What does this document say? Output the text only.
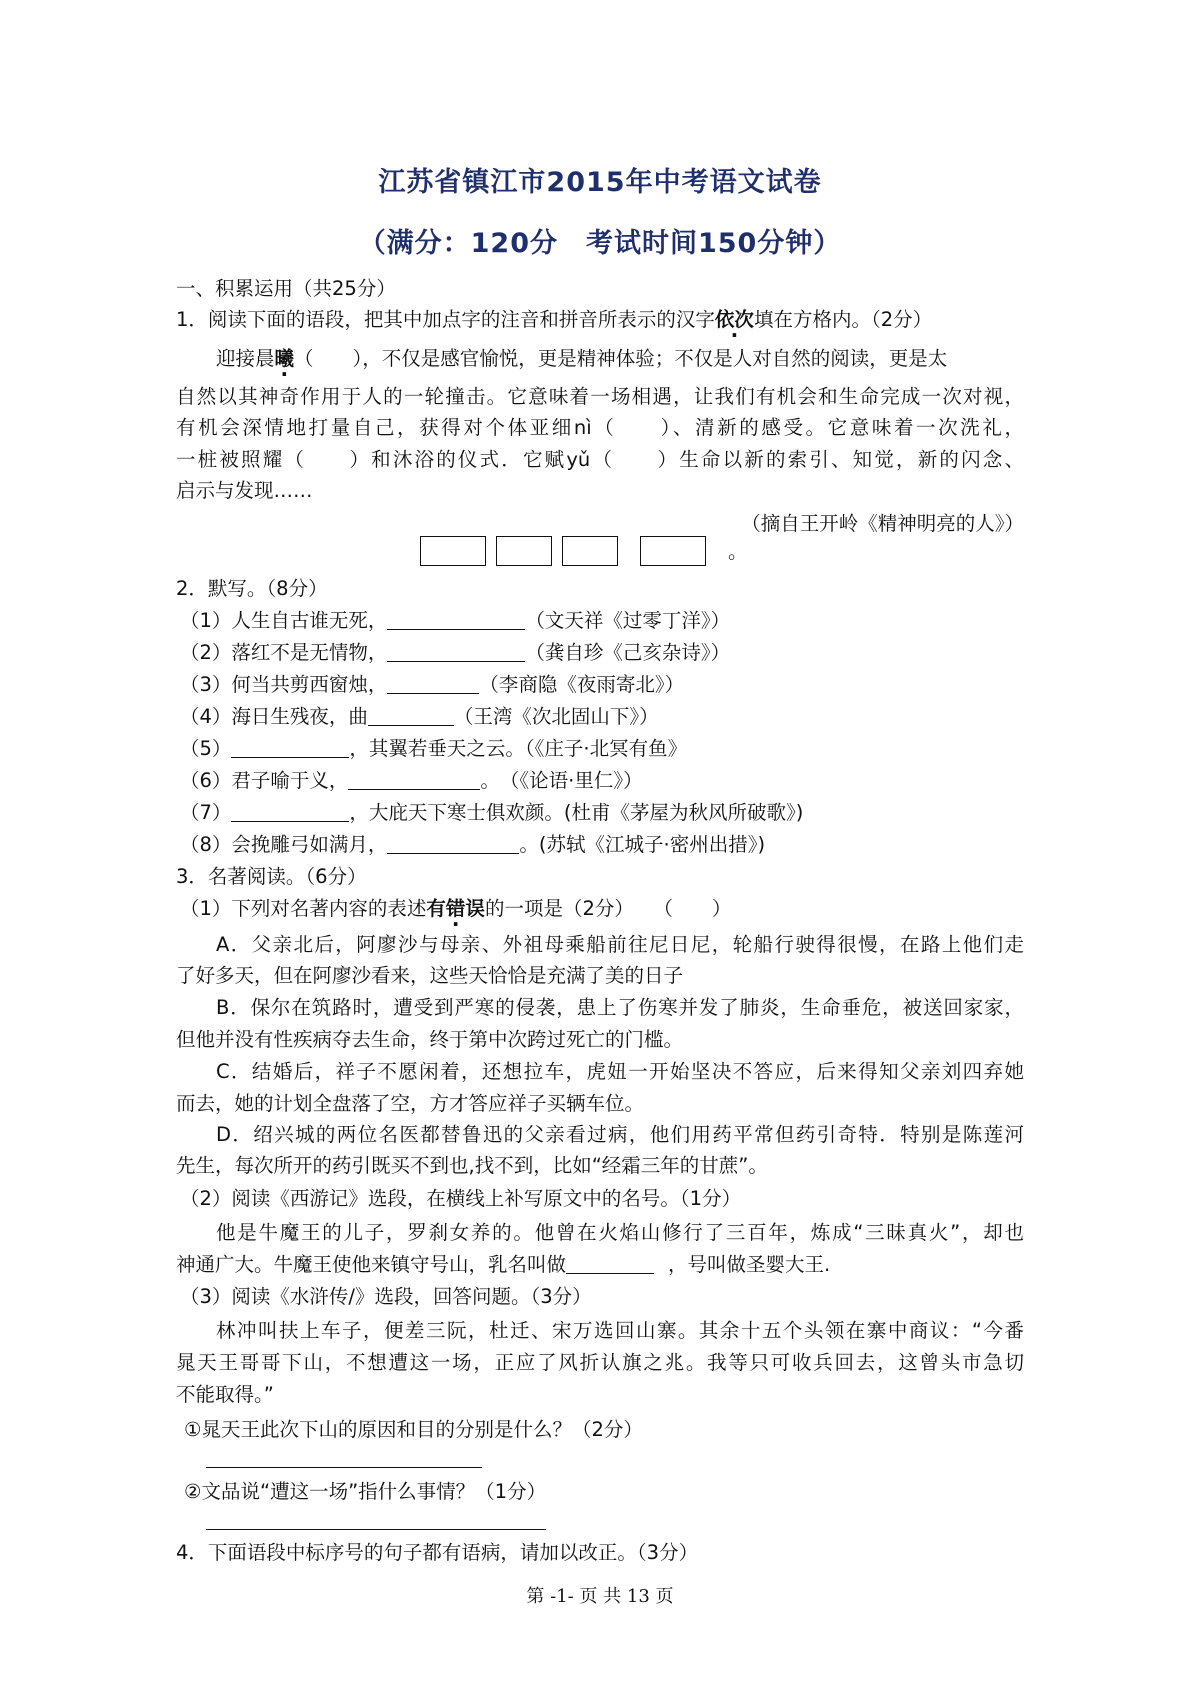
江苏省镇江市2015年中考语文试卷
（满分：120分　考试时间150分钟）
一、积累运用（共25分）
1．阅读下面的语段，把其中加点字的注音和拼音所表示的汉字依次填在方格内。（2分）
迎接晨曦（　　），不仅是感官愉悦，更是精神体验；不仅是人对自然的阅读，更是太
自然以其神奇作用于人的一轮撞击。它意味着一场相遇，让我们有机会和生命完成一次对视，
有机会深情地打量自己，获得对个体亚细nì（　　）、清新的感受。它意味着一次洗礼，
一桩被照耀（　　）和沐浴的仪式．它赋yǔ（　　）生命以新的索引、知觉，新的闪念、
启示与发现……
（摘自王开岭《精神明亮的人》）
。
2．默写。（8分）
（1）人生自古谁无死，	（文天祥《过零丁洋》）
（2）落红不是无情物，	（龚自珍《己亥杂诗》）
（3）何当共剪西窗烛，	（李商隐《夜雨寄北》）
（4）海日生残夜，曲	（王湾《次北固山下》）
（5）	，其翼若垂天之云。（《庄子·北冥有鱼》
（6）君子喻于义，	。　（《论语·里仁》）
（7）	，大庇天下寒士俱欢颜。(杜甫《茅屋为秋风所破歌》)
（8）会挽雕弓如满月，	。(苏轼《江城子·密州出措》)
3．名著阅读。（6分）
（1）下列对名著内容的表述有错误的一项是（2分）　　（　　）
A．父亲北后，阿廖沙与母亲、外祖母乘船前往尼日尼，轮船行驶得很慢，在路上他们走
了好多天，但在阿廖沙看来，这些天恰恰是充满了美的日子
B．保尔在筑路时，遭受到严寒的侵袭，患上了伤寒并发了肺炎，生命垂危，被送回家家，
但他并没有性疾病夺去生命，终于第中次跨过死亡的门槛。
C．结婚后，祥子不愿闲着，还想拉车，虎妞一开始坚决不答应，后来得知父亲刘四弃她
而去，她的计划全盘落了空，方才答应祥子买辆车位。
D．绍兴城的两位名医都替鲁迅的父亲看过病，他们用药平常但药引奇特．特别是陈莲河
先生，每次所开的药引既买不到也,找不到，比如“经霜三年的甘蔗”。
（2）阅读《西游记》选段，在横线上补写原文中的名号。（1分）
他是牛魔王的儿子，罗刹女养的。他曾在火焰山修行了三百年，炼成“三昧真火”，却也
神通广大。牛魔王使他来镇守号山，乳名叫做	，号叫做圣婴大王.
（3）阅读《水浒传/》选段，回答问题。（3分）
林冲叫扶上车子，便差三阮，杜迁、宋万选回山寨。其余十五个头领在寨中商议：“今番
晁天王哥哥下山，不想遭这一场，正应了风折认旗之兆。我等只可收兵回去，这曾头市急切
不能取得。”
①晁天王此次下山的原因和目的分别是什么？（2分）
②文品说“遭这一场”指什么事情？（1分）
4．下面语段中标序号的句子都有语病，请加以改正。（3分）
第 -1- 页 共 13 页
